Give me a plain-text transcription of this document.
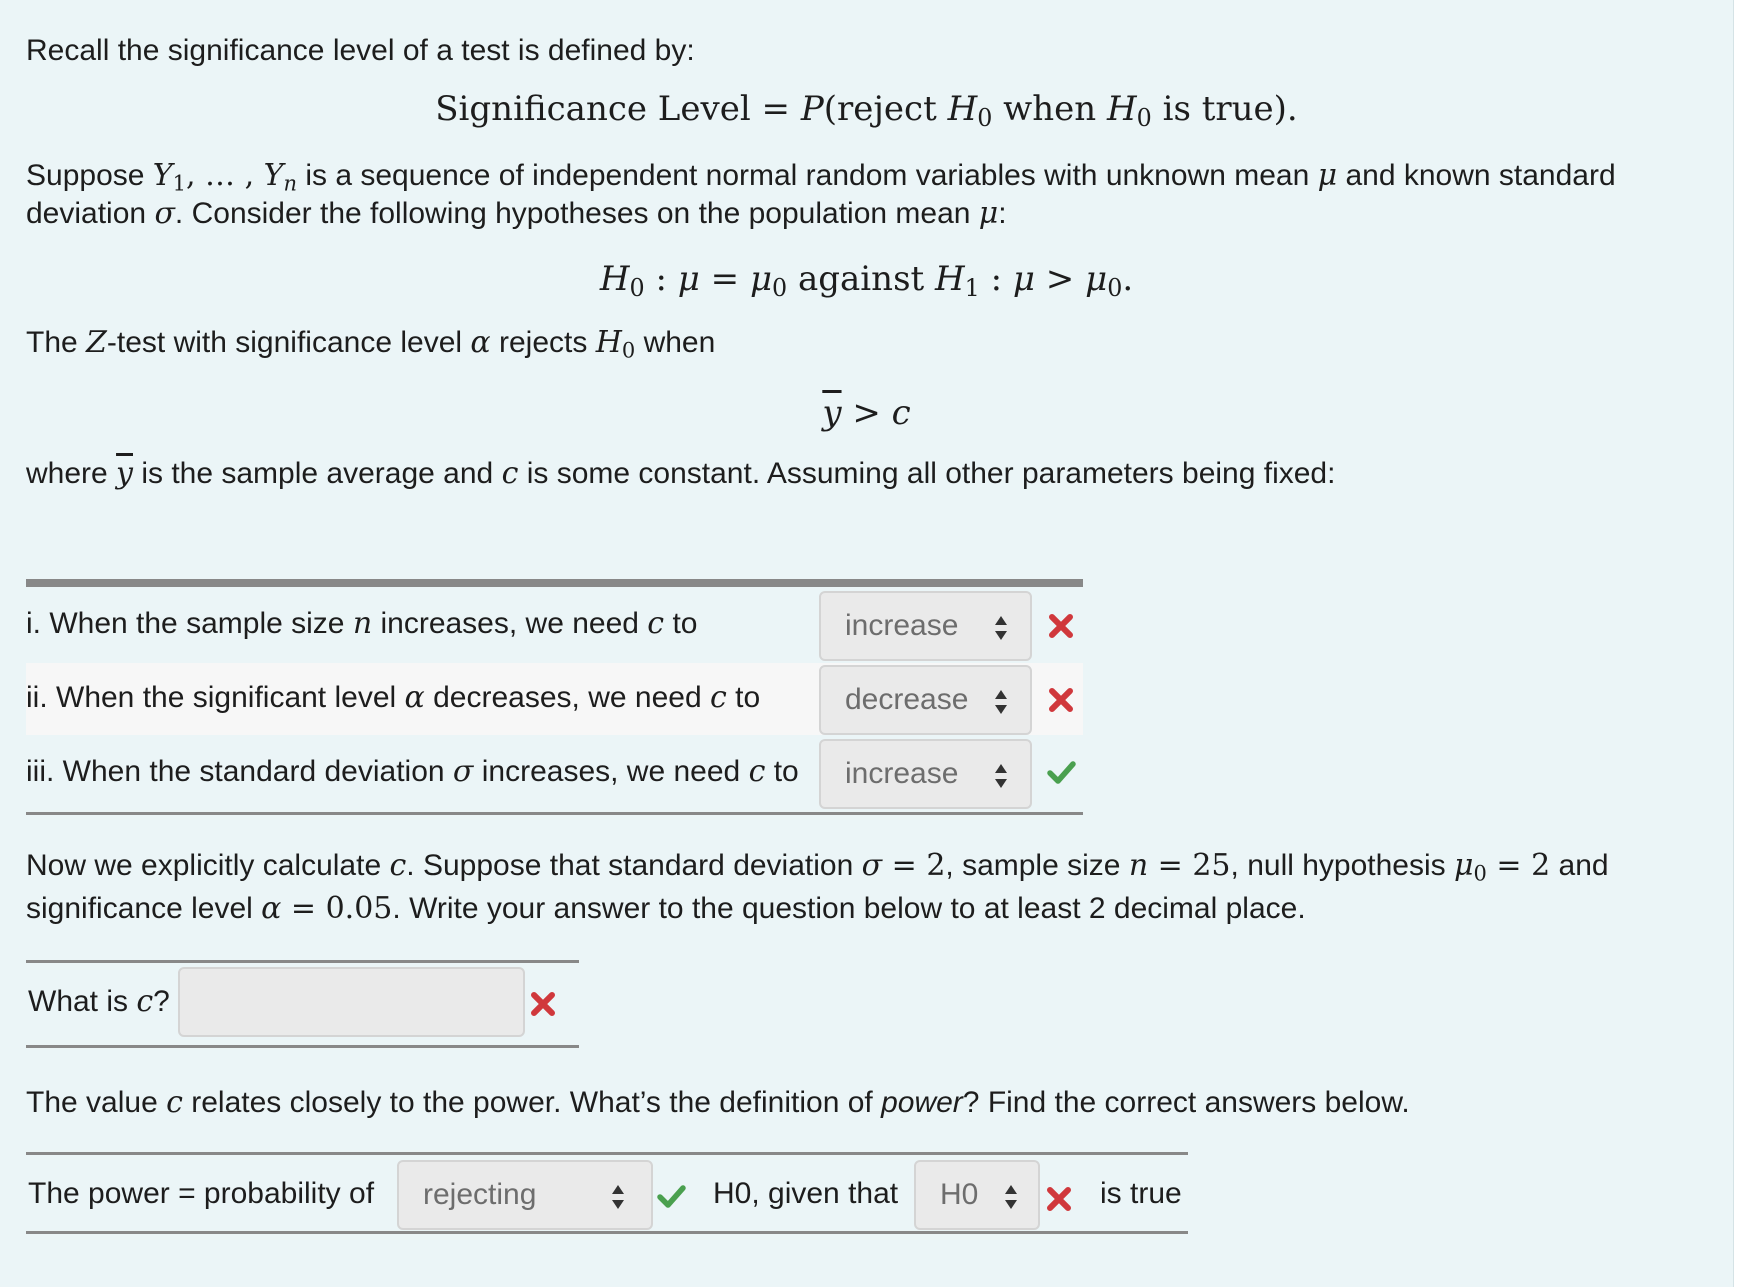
Recall the significance level of a test is defined by:
Significance Level = P(reject $H_0$ when $H_0$ is true).
Suppose $Y_1$, … , $Y_n$ is a sequence of independent normal random variables with unknown mean μ and known standard
deviation σ. Consider the following hypotheses on the population mean μ:
$H_0$ : $\mu = \mu_0$ against $H_1$ : $\mu > \mu_0$.
The Z-test with significance level α rejects $H_0$ when
$\overline{y} > c$
where $\overline{y}$ is the sample average and c is some constant. Assuming all other parameters being fixed:
i. When the sample size n increases, we need c to	increase
ii. When the significant level α decreases, we need c to	decrease
iii. When the standard deviation σ increases, we need c to	increase
Now we explicitly calculate c. Suppose that standard deviation σ = 2, sample size n = 25, null hypothesis $\mu_0 = 2$ and
significance level α = 0.05. Write your answer to the question below to at least 2 decimal place.
What is c?
The value c relates closely to the power. What’s the definition of power? Find the correct answers below.
The power = probability of	rejecting	H0, given that	H0	is true
